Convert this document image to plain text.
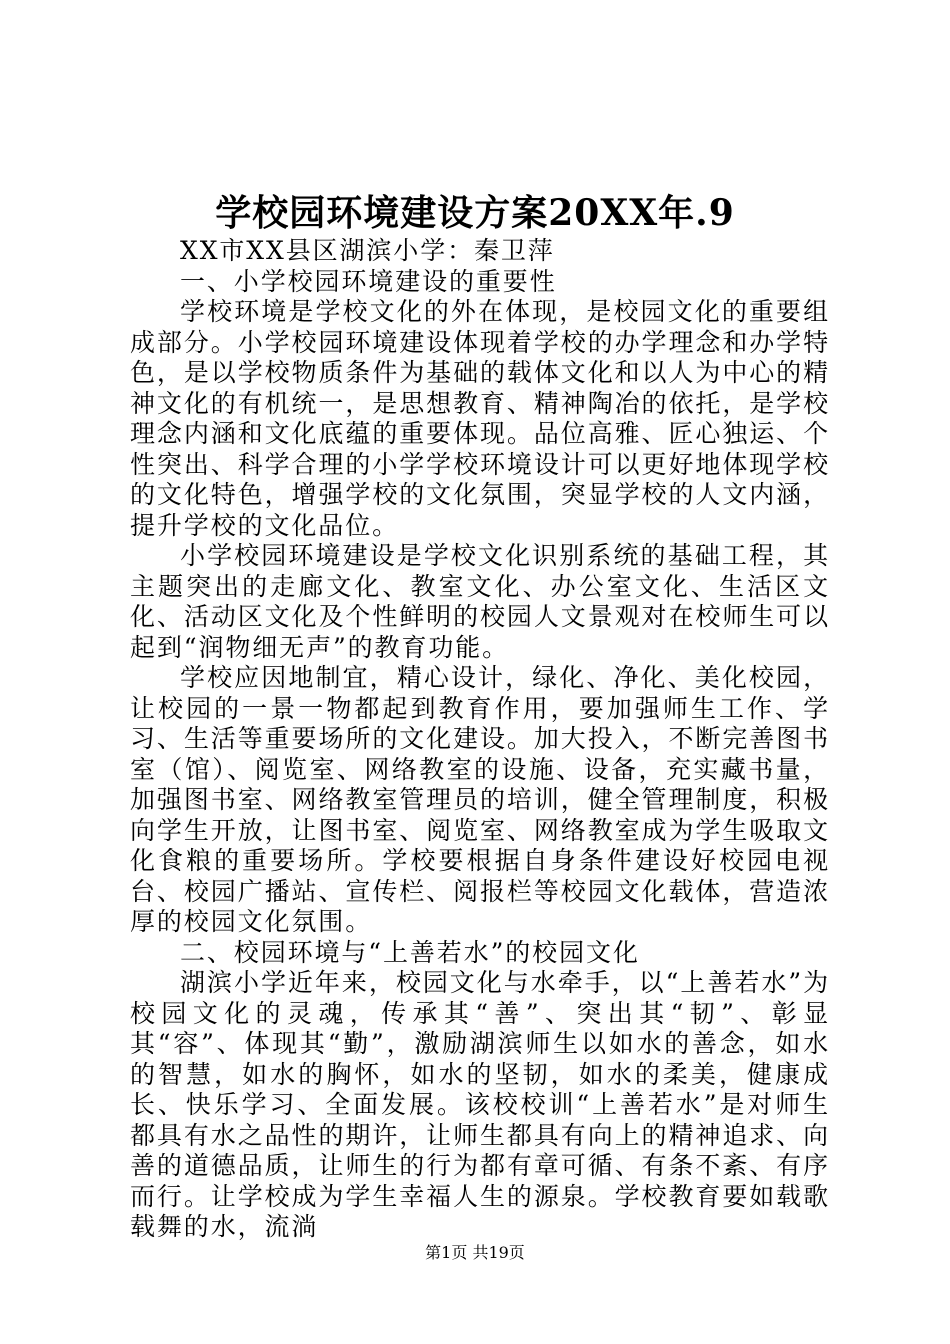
学校园环境建设方案20XX年.9

XX市XX县区湖滨小学：秦卫萍

一、小学校园环境建设的重要性

学校环境是学校文化的外在体现，是校园文化的重要组成部分。小学校园环境建设体现着学校的办学理念和办学特色，是以学校物质条件为基础的载体文化和以人为中心的精神文化的有机统一，是思想教育、精神陶冶的依托，是学校理念内涵和文化底蕴的重要体现。品位高雅、匠心独运、个性突出、科学合理的小学学校环境设计可以更好地体现学校的文化特色，增强学校的文化氛围，突显学校的人文内涵，提升学校的文化品位。

小学校园环境建设是学校文化识别系统的基础工程，其主题突出的走廊文化、教室文化、办公室文化、生活区文化、活动区文化及个性鲜明的校园人文景观对在校师生可以起到“润物细无声”的教育功能。

学校应因地制宜，精心设计，绿化、净化、美化校园，让校园的一景一物都起到教育作用，要加强师生工作、学习、生活等重要场所的文化建设。加大投入，不断完善图书室（馆）、阅览室、网络教室的设施、设备，充实藏书量，加强图书室、网络教室管理员的培训，健全管理制度，积极向学生开放，让图书室、阅览室、网络教室成为学生吸取文化食粮的重要场所。学校要根据自身条件建设好校园电视台、校园广播站、宣传栏、阅报栏等校园文化载体，营造浓厚的校园文化氛围。

二、校园环境与“上善若水”的校园文化

湖滨小学近年来，校园文化与水牵手，以“上善若水”为校园文化的灵魂，传承其“善”、突出其“韧”、彰显其“容”、体现其“勤”，激励湖滨师生以如水的善念，如水的智慧，如水的胸怀，如水的坚韧，如水的柔美，健康成长、快乐学习、全面发展。该校校训“上善若水”是对师生都具有水之品性的期许，让师生都具有向上的精神追求、向善的道德品质，让师生的行为都有章可循、有条不紊、有序而行。让学校成为学生幸福人生的源泉。学校教育要如载歌载舞的水，流淌

第1页 共19页
